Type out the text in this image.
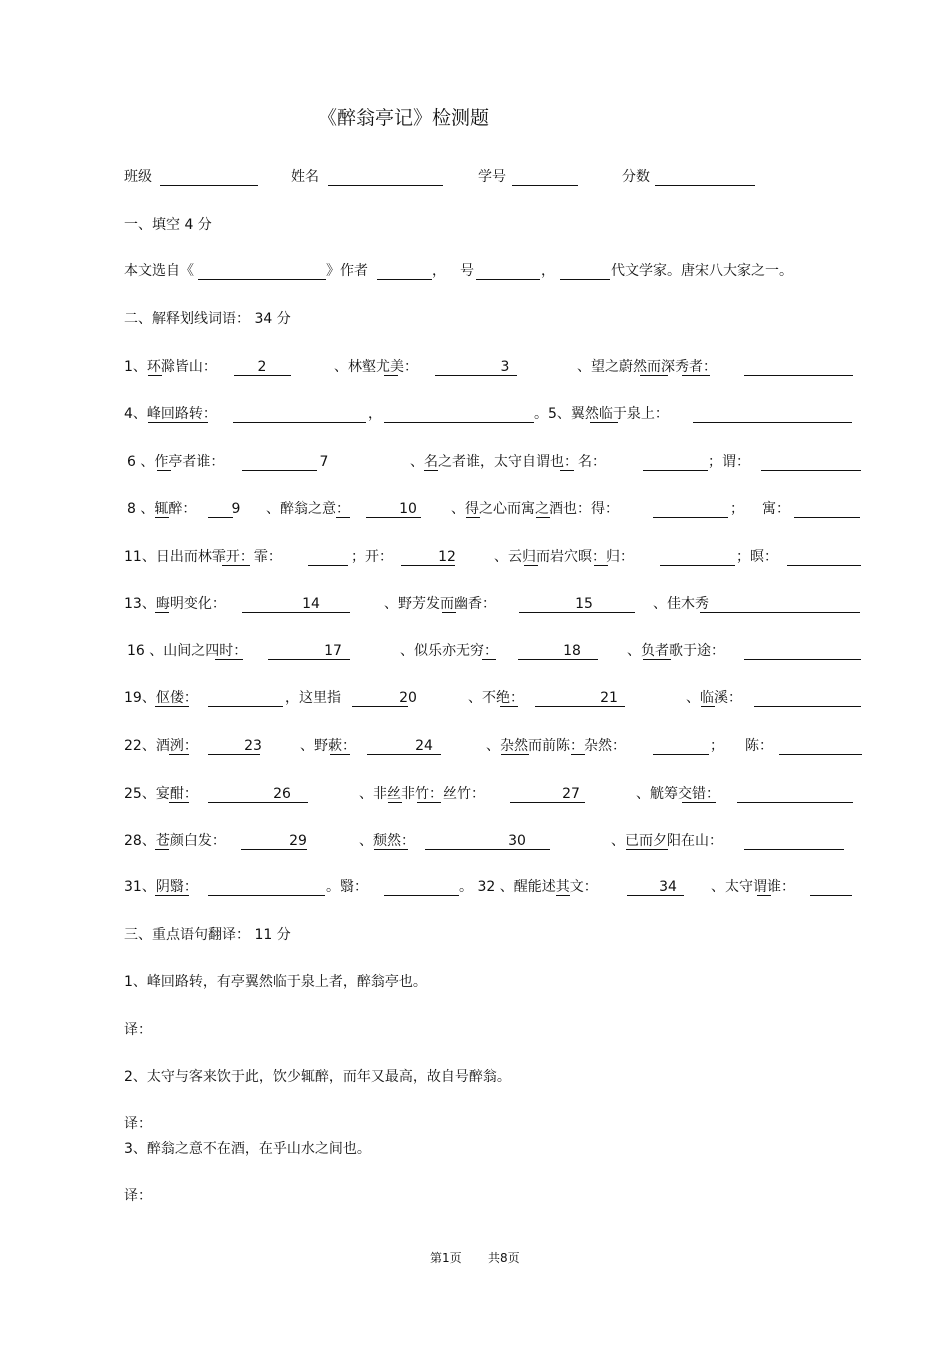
《醉翁亭记》检测题
班级	姓名	学号	分数
一、填空 4 分
本文选自《	》作者	， 号	，	代文学家。唐宋八大家之一。
二、解释划线词语： 34 分
1、环滁皆山：	2	、林壑尤美：	3	、望之蔚然而深秀者：
4、峰回路转：	，	。5、翼然临于泉上：
6 、作亭者谁：	7	、名之者谁，太守自谓也：名：	；谓：
8 、辄醉：	9	、醉翁之意：	10	、得之心而寓之酒也：得：	； 寓：
11、日出而林霏开：霏：	；开：	12	、云归而岩穴暝：归：	；暝：
13、晦明变化：	14	、野芳发而幽香：	15	、佳木秀
16 、山间之四时：	17	、似乐亦无穷：	18	、负者歌于途：
19、伛偻：	，这里指	20	、不绝：	21	、临溪：
22、酒洌：	23	、野蔌：	24	、杂然而前陈：杂然：	； 陈：
25、宴酣：	26	、非丝非竹：丝竹：	27	、觥筹交错：
28、苍颜白发：	29	、颓然：	30	、已而夕阳在山：
31、阴翳：	。翳：	。 32 、醒能述其文：	34	、太守谓谁：
三、重点语句翻译： 11 分
1、峰回路转，有亭翼然临于泉上者，醉翁亭也。
译：
2、太守与客来饮于此，饮少辄醉，而年又最高，故自号醉翁。
译：
3、醉翁之意不在酒，在乎山水之间也。
译：
第1页 共8页
